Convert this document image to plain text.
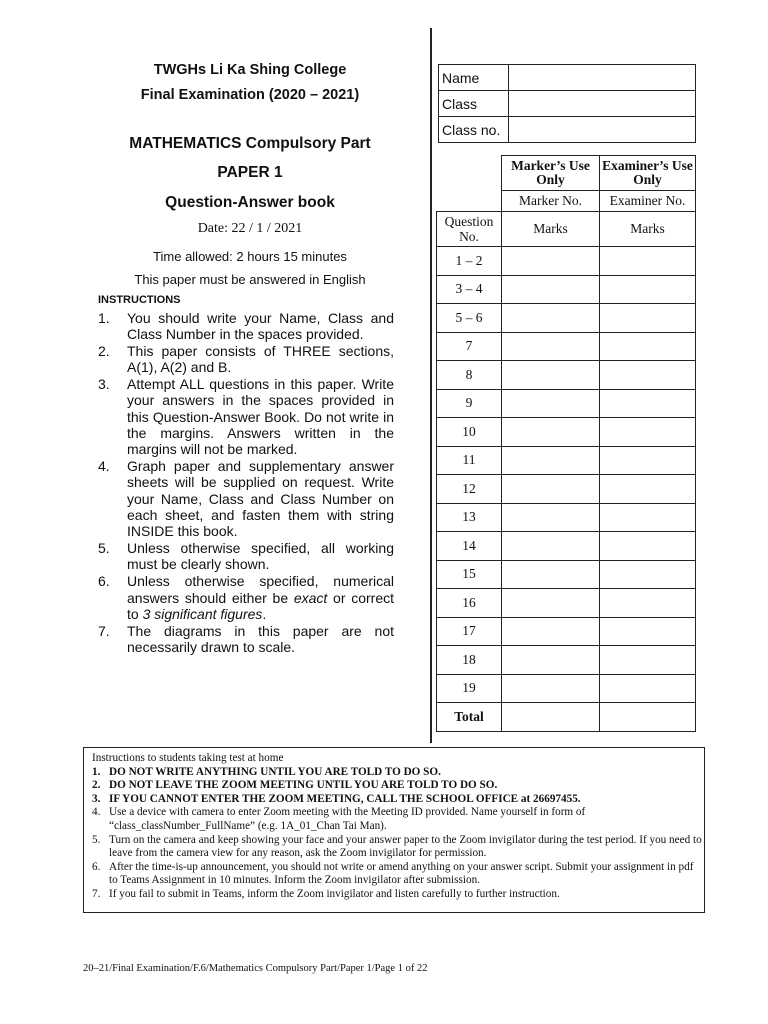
TWGHs Li Ka Shing College
Final Examination (2020 – 2021)
MATHEMATICS Compulsory Part
PAPER 1
Question-Answer book
Date: 22 / 1 / 2021
Time allowed: 2 hours 15 minutes
This paper must be answered in English
INSTRUCTIONS
1. You should write your Name, Class and Class Number in the spaces provided.
2. This paper consists of THREE sections, A(1), A(2) and B.
3. Attempt ALL questions in this paper. Write your answers in the spaces provided in this Question-Answer Book. Do not write in the margins. Answers written in the margins will not be marked.
4. Graph paper and supplementary answer sheets will be supplied on request. Write your Name, Class and Class Number on each sheet, and fasten them with string INSIDE this book.
5. Unless otherwise specified, all working must be clearly shown.
6. Unless otherwise specified, numerical answers should either be exact or correct to 3 significant figures.
7. The diagrams in this paper are not necessarily drawn to scale.
Name	
Class	
Class no.	
	Marker’s Use Only	Examiner’s Use Only
	Marker No.	Examiner No.
Question No.	Marks	Marks
1 – 2		
3 – 4		
5 – 6		
7		
8		
9		
10		
11		
12		
13		
14		
15		
16		
17		
18		
19		
Total		
Instructions to students taking test at home
1. DO NOT WRITE ANYTHING UNTIL YOU ARE TOLD TO DO SO.
2. DO NOT LEAVE THE ZOOM MEETING UNTIL YOU ARE TOLD TO DO SO.
3. IF YOU CANNOT ENTER THE ZOOM MEETING, CALL THE SCHOOL OFFICE at 26697455.
4. Use a device with camera to enter Zoom meeting with the Meeting ID provided. Name yourself in form of “class_classNumber_FullName” (e.g. 1A_01_Chan Tai Man).
5. Turn on the camera and keep showing your face and your answer paper to the Zoom invigilator during the test period. If you need to leave from the camera view for any reason, ask the Zoom invigilator for permission.
6. After the time-is-up announcement, you should not write or amend anything on your answer script. Submit your assignment in pdf to Teams Assignment in 10 minutes. Inform the Zoom invigilator after submission.
7. If you fail to submit in Teams, inform the Zoom invigilator and listen carefully to further instruction.
20–21/Final Examination/F.6/Mathematics Compulsory Part/Paper 1/Page 1 of 22
